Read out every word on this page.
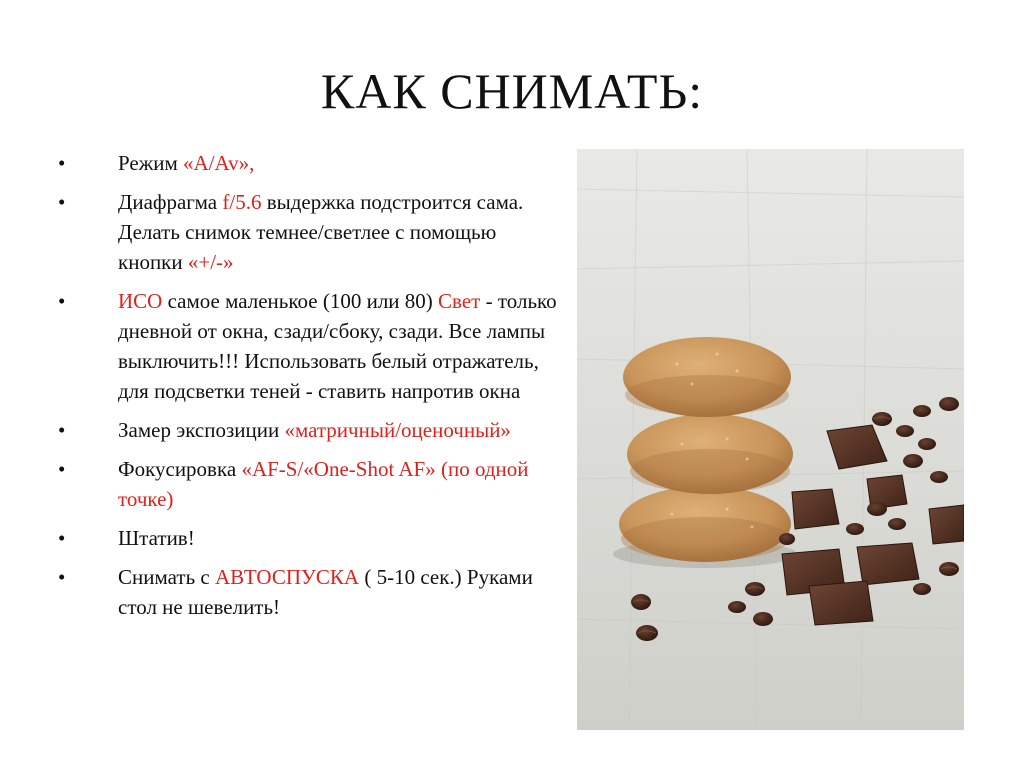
КАК СНИМАТЬ:
•	Режим «A/Av»,
•	Диафрагма f/5.6 выдержка подстроится сама. Делать снимок темнее/светлее с помощью кнопки «+/-»
•	ИСО самое маленькое (100 или 80) Свет - только дневной от окна, сзади/сбоку, сзади. Все лампы выключить!!! Использовать белый отражатель, для подсветки теней - ставить напротив окна
•	Замер экспозиции «матричный/оценочный»
•	Фокусировка «AF-S/«One-Shot AF» (по одной точке)
•	Штатив!
•	Снимать с АВТОСПУСКА ( 5-10 сек.) Руками стол не шевелить!
